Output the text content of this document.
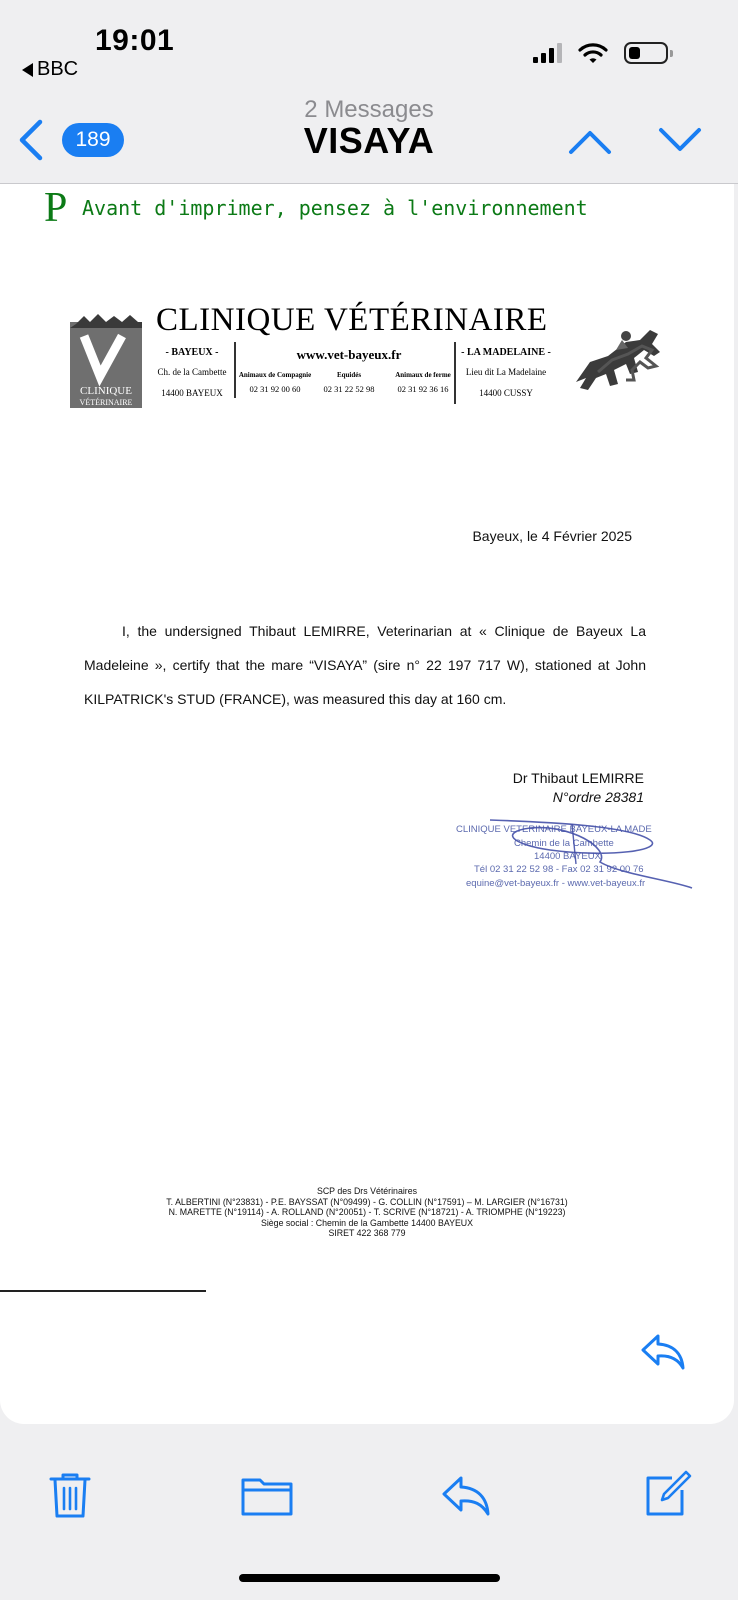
19:01
BBC
189
2 Messages
VISAYA
P Avant d'imprimer, pensez à l'environnement
CLINIQUE
VÉTÉRINAIRE
CLINIQUE VÉTÉRINAIRE
- BAYEUX -
Ch. de la Cambette
14400 BAYEUX
www.vet-bayeux.fr
Animaux de Compagnie	Equidés	Animaux de ferme
02 31 92 00 60	02 31 22 52 98	02 31 92 36 16
- LA MADELAINE -
Lieu dit La Madelaine
14400 CUSSY
Bayeux, le 4 Février 2025

I, the undersigned Thibaut LEMIRRE, Veterinarian at « Clinique de Bayeux La Madeleine », certify that the mare “VISAYA” (sire n° 22 197 717 W), stationed at John KILPATRICK's STUD (FRANCE), was measured this day at 160 cm.

Dr Thibaut LEMIRRE
N°ordre 28381
CLINIQUE VETERINAIRE BAYEUX-LA MADE
Chemin de la Cambette
14400 BAYEUX
Tél 02 31 22 52 98 - Fax 02 31 92 00 76
equine@vet-bayeux.fr - www.vet-bayeux.fr
SCP des Drs Vétérinaires
T. ALBERTINI (N°23831) - P.E. BAYSSAT (N°09499) - G. COLLIN (N°17591) – M. LARGIER (N°16731)
N. MARETTE (N°19114) - A. ROLLAND (N°20051) - T. SCRIVE (N°18721) - A. TRIOMPHE (N°19223)
Siège social : Chemin de la Gambette 14400 BAYEUX
SIRET 422 368 779
